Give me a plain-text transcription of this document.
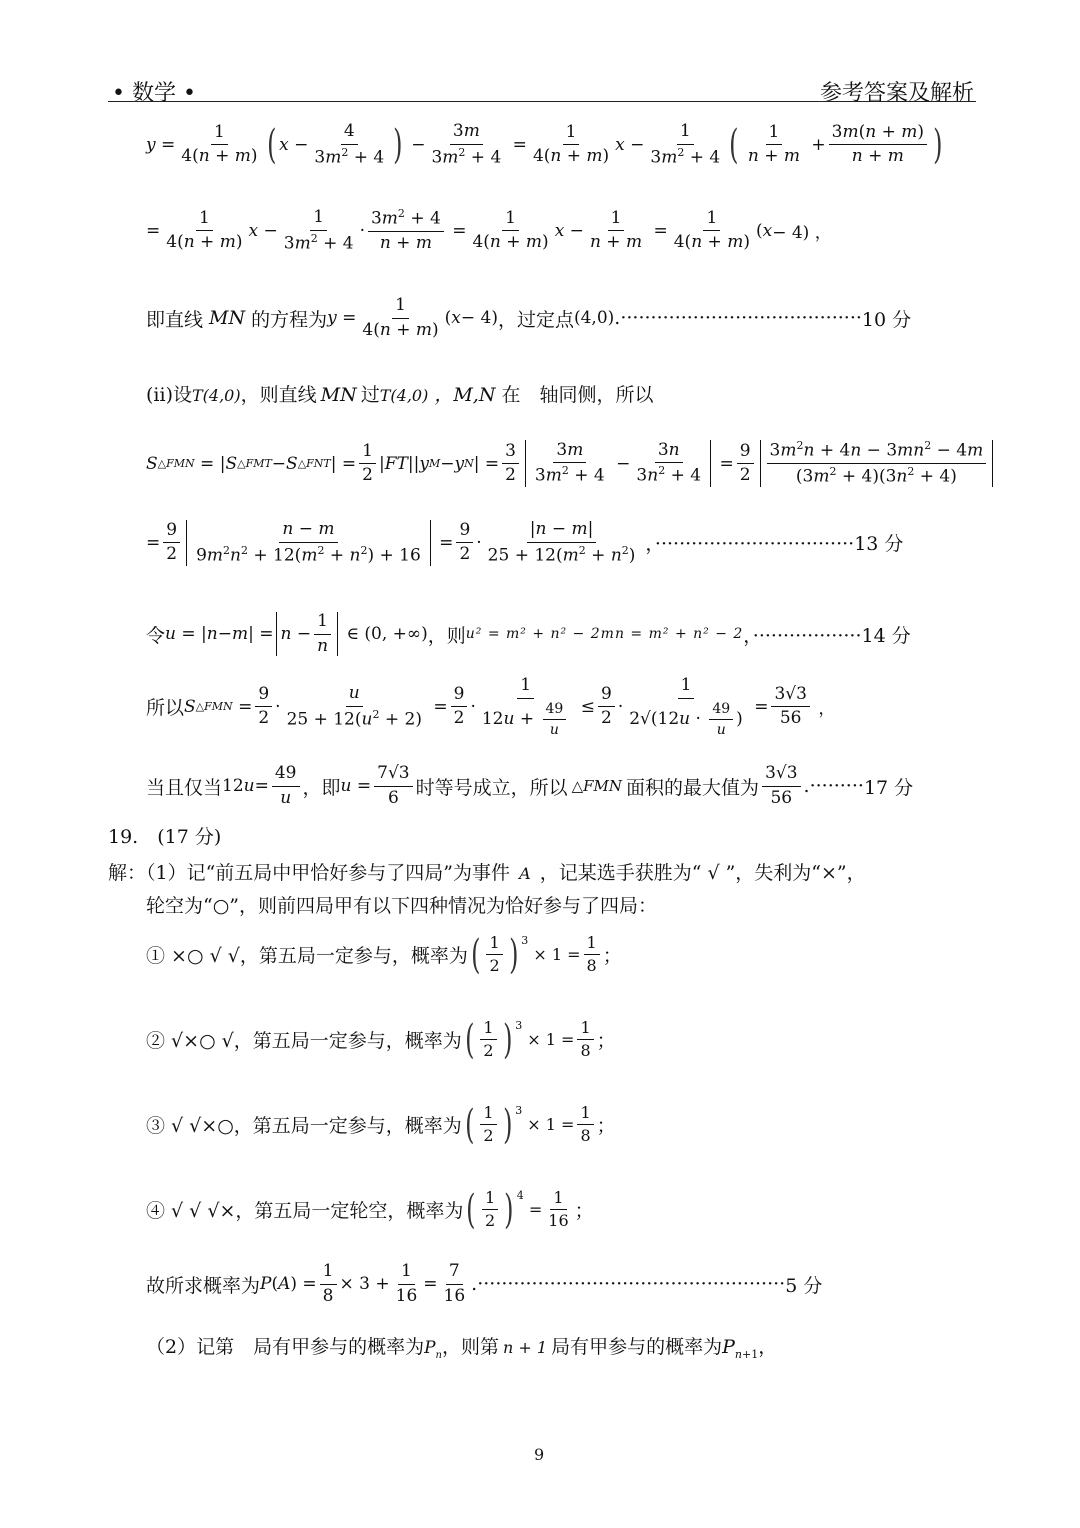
• 数学 •	参考答案及解析
$y = \frac{1}{4(n + m)}$ ( $x - \frac{4}{3m^2 + 4}$ ) − $\frac{3m}{3m^2 + 4} = \frac{1}{4(n + m)}$ $x - \frac{1}{3m^2 + 4}$ ( $\frac{1}{n + m} + \frac{3m(n + m)}{n + m}$ )
= $\frac{1}{4(n + m)}$ $x - \frac{1}{3m^2 + 4} \cdot \frac{3m^2 + 4}{n + m} = \frac{1}{4(n + m)}$ $x - \frac{1}{n + m} = \frac{1}{4(n + m)}$ ( x − 4) ，
即直线 MN 的方程为 $y = \frac{1}{4(n + m)}$ ( x − 4) ，过定点 (4,0) .········································ 10 分
(ii)设T(4,0)，则直线 MN 过T(4,0) ，M,N 在　轴同侧，所以
S △FMN = | S △FMT − S △FNT | = $\frac{1}{2}$ | FT || y M − y N | = $\frac{3}{2} \frac{3m}{3m^2 + 4} - \frac{3n}{3n^2 + 4} = \frac{9}{2} \frac{3m^2n + 4n - 3mn^2 - 4m}{(3m^2 + 4)(3n^2 + 4)}$
= $\frac{9}{2} \frac{n - m}{9m^2n^2 + 12(m^2 + n^2) + 16} = \frac{9}{2} \cdot \frac{|n - m|}{25 + 12(m^2 + n^2)}$ ，································· 13 分
令 u = | n − m | = $n - \frac{1}{n}$ ∈ (0, +∞) ，则 u² = m² + n² − 2mn = m² + n² − 2 ，·················· 14 分
所以 S △FMN = $\frac{9}{2} \cdot \frac{u}{25 + 12(u^2 + 2)} = \frac{9}{2} \cdot \frac{1}{12u + \frac{49}{u}} \le \frac{9}{2} \cdot \frac{1}{2√(12u \cdot \frac{49}{u} )} = \frac{3√3}{56}$ ，
当且仅当 12 $u = \frac{49}{u}$ ，即 $u = \frac{7√3}{6}$ 时等号成立，所以 △FMN 面积的最大值为 $\frac{3√3}{56}$ .········· 17 分
19.　(17 分)
解：（1）记“前五局中甲恰好参与了四局”为事件 A ，记某选手获胜为“ √ ”，失利为“×”，
轮空为“○”，则前四局甲有以下四种情况为恰好参与了四局：
① ×○ √ √，第五局一定参与，概率为 ( $\frac{1}{2}$ ) $^3$
× $1 = \frac{1}{8}$ ；
② √×○ √，第五局一定参与，概率为 ( $\frac{1}{2}$ ) $^3$
× $1 = \frac{1}{8}$ ；
③ √ √×○，第五局一定参与，概率为 ( $\frac{1}{2}$ ) $^3$
× $1 = \frac{1}{8}$ ；
④ √ √ √×，第五局一定轮空，概率为 ( $\frac{1}{2}$ ) $^4$
= $\frac{1}{16}$ ；
故所求概率为 P ( A ) = $\frac{1}{8} \times 3 + \frac{1}{16} = \frac{7}{16}$ .··················································· 5 分
（2）记第　局有甲参与的概率为$P_n$，则第 n + 1 局有甲参与的概率为$P_{n+1}$，
9
